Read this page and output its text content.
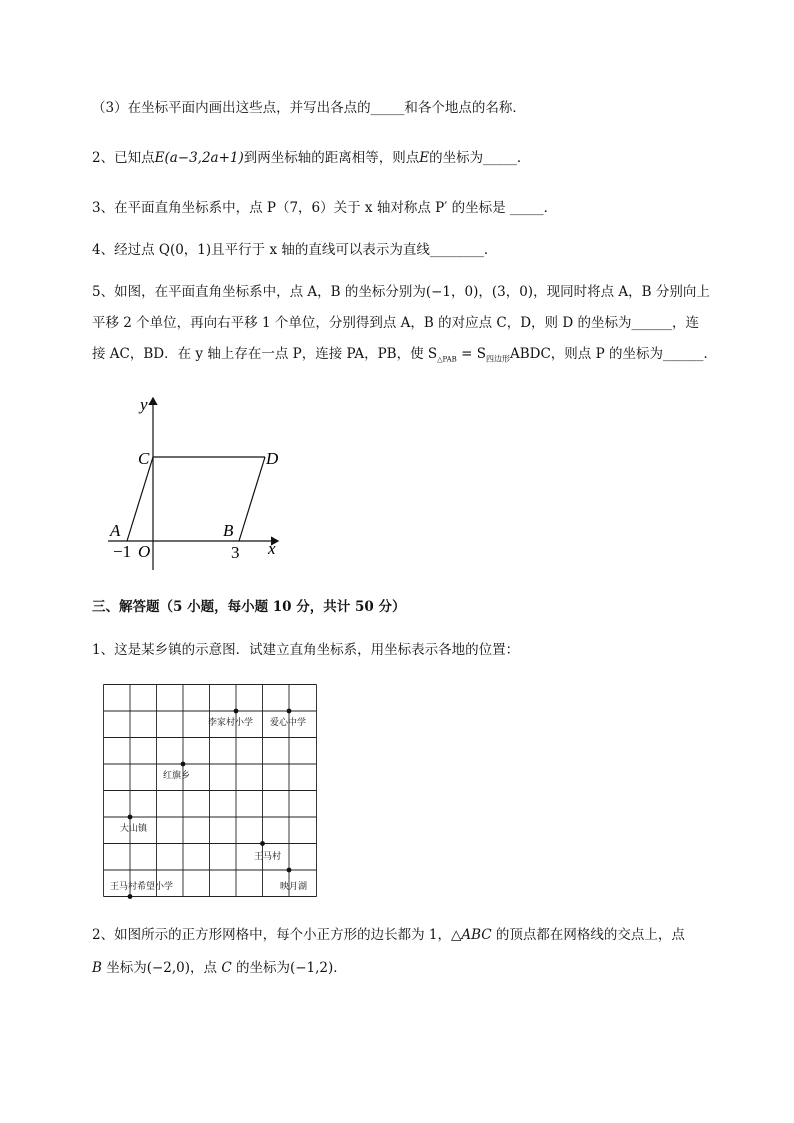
（3）在坐标平面内画出这些点，并写出各点的_____和各个地点的名称．
2、已知点E(a−3,2a+1)到两坐标轴的距离相等，则点E的坐标为_____．
3、在平面直角坐标系中，点 P（7，6）关于 x 轴对称点 P′ 的坐标是 _____．
4、经过点 Q(0，1)且平行于 x 轴的直线可以表示为直线________．
5、如图，在平面直角坐标系中，点 A，B 的坐标分别为(−1，0)，(3，0)，现同时将点 A，B 分别向上
平移 2 个单位，再向右平移 1 个单位，分别得到点 A，B 的对应点 C，D，则 D 的坐标为______，连
接 AC，BD．在 y 轴上存在一点 P，连接 PA，PB，使 $S_{\triangle PAB}$ = $S_{四边形}ABDC$，则点 P 的坐标为______．
y
x
C	D
A	B
O
−1	3
三、解答题（5 小题，每小题 10 分，共计 50 分）
1、这是某乡镇的示意图．试建立直角坐标系，用坐标表示各地的位置：
李家村小学 爱心中学
红旗乡
大山镇
王马村
王马村希望小学	映月湖
2、如图所示的正方形网格中，每个小正方形的边长都为 1，△ABC 的顶点都在网格线的交点上，点
B 坐标为(−2,0)，点 C 的坐标为(−1,2)．
